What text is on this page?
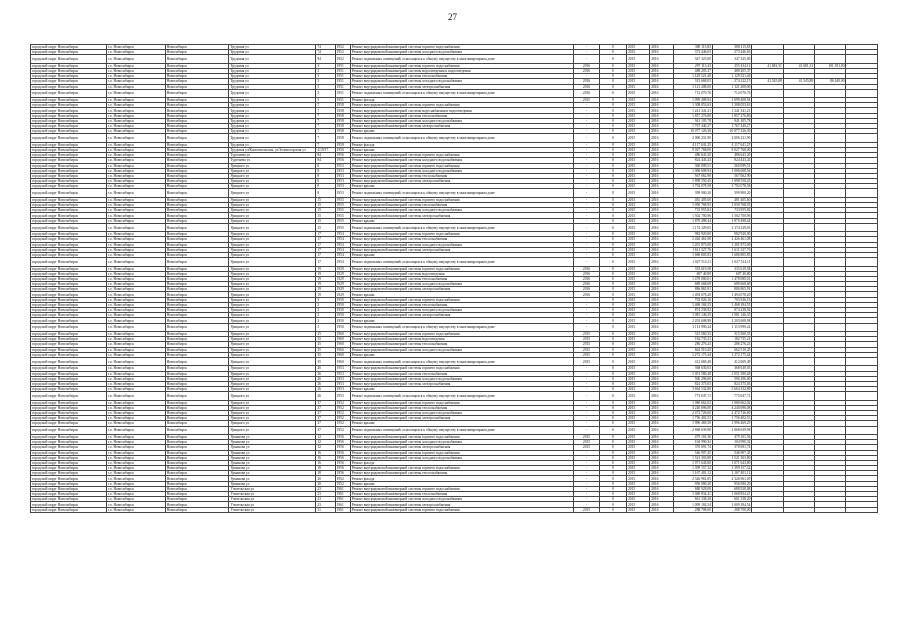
27
городской округ Новосибирск	г.о. Новосибирск	Новосибирск	Трудовая ул	74	1952	Ремонт внутридомовой инженерной системы горячего водоснабжения	-	0	2015	2016	380 115,83	380 115,83				
городской округ Новосибирск	г.о. Новосибирск	Новосибирск	Трудовая ул	74	1952	Ремонт внутридомовой инженерной системы холодного водоснабжения	-	0	2015	2016	373 446,63	373 446,63				
городской округ Новосибирск	г.о. Новосибирск	Новосибирск	Трудовая ул	94	1952	Ремонт подвальных помещений, относящихся к общему имуществу в многоквартирном доме	-	0	2015	2016	347 325,00	347 325,00				
городской округ Новосибирск	г.о. Новосибирск	Новосибирск	Трудовая ул	3	1951	Ремонт внутридомовой инженерной системы горячего водоснабжения	2016	0	2015	2016	297 115,43	255 434,12	41 681,31	41 681,31	101 181,00	
городской округ Новосибирск	г.о. Новосибирск	Новосибирск	Трудовая ул	3	1951	Ремонт внутридомовой инженерной системы водоотведения и водоотведения	2016	0	2015	2016	488 205,37	488 205,37				
городской округ Новосибирск	г.о. Новосибирск	Новосибирск	Трудовая ул	3	1951	Ремонт внутридомовой инженерной системы теплоснабжения	-	0	2015	2016	1 129 521,40	1 129 521,40				
городской округ Новосибирск	г.о. Новосибирск	Новосибирск	Трудовая ул	3	1951	Ремонт внутридомовой инженерной системы холодного водоснабжения	2016	0	2015	2016	315 668,03	274 122,15	41 545,88	41 545,88	86 440,00	
городской округ Новосибирск	г.о. Новосибирск	Новосибирск	Трудовая ул	3	1951	Ремонт внутридомовой инженерной системы электроснабжения	2016	0	2015	2016	1 121 208,00	1 121 208,00				
городской округ Новосибирск	г.о. Новосибирск	Новосибирск	Трудовая ул	5	1951	Ремонт подвальных помещений, относящихся к общему имуществу в многоквартирном доме	2016	0	2015	2016	712 070,76	712 070,76				
городской округ Новосибирск	г.о. Новосибирск	Новосибирск	Трудовая ул	5	1951	Ремонт фасада	2015	0	2015	2016	1 099 408,94	1 099 408,94				
городской округ Новосибирск	г.о. Новосибирск	Новосибирск	Трудовая ул	7	1958	Ремонт внутридомовой инженерной системы горячего водоснабжения	-	0	2015	2016	1 308 053,63	1 308 053,63				
городской округ Новосибирск	г.о. Новосибирск	Новосибирск	Трудовая ул	7	1958	Ремонт внутридомовой инженерной системы водоснабжения и водоотведения	-	0	2015	2016	1 241 341,21	1 241 341,21				
городской округ Новосибирск	г.о. Новосибирск	Новосибирск	Трудовая ул	7	1958	Ремонт внутридомовой инженерной системы теплоснабжения	-	0	2015	2016	1 857 276,80	1 857 276,80				
городской округ Новосибирск	г.о. Новосибирск	Новосибирск	Трудовая ул	7	1958	Ремонт внутридомовой инженерной системы холодного водоснабжения	-	0	2015	2016	941 105,78	941 105,78				
городской округ Новосибирск	г.о. Новосибирск	Новосибирск	Трудовая ул	7	1958	Ремонт внутридомовой инженерной системы электроснабжения	-	0	2015	2016	1 767 440,27	1 767 440,27				
городской округ Новосибирск	г.о. Новосибирск	Новосибирск	Трудовая ул	7	1958	Ремонт крыши	-	0	2015	2016	10 077 126,30	10 077 126,30				
городской округ Новосибирск	г.о. Новосибирск	Новосибирск	Трудовая ул	7	1958	Ремонт подвальных помещений, относящихся к общему имуществу в многоквартирном доме	-	0	2015	2016	2 006 231,90	2 006 231,90				
городской округ Новосибирск	г.о. Новосибирск	Новосибирск	Трудовая ул	7	1958	Ремонт фасада	-	0	2015	2016	4 117 641,25	4 117 641,25				
городской округ Новосибирск	г.о. Новосибирск	Новосибирск	Трудовая ул/Комсомольская, ул/Зеленогорская ул	4/19/17	1956	Ремонт крыши	-	0	2015	2016	9 027 768,00	9 027 768,00				
городской округ Новосибирск	г.о. Новосибирск	Новосибирск	Тургенева ул	84	1956	Ремонт внутридомовой инженерной системы горячего водоснабжения	-	0	2015	2016	486 643,20	486 643,20				
городской округ Новосибирск	г.о. Новосибирск	Новосибирск	Тургенева ул	84	1956	Ремонт внутридомовой инженерной системы холодного водоснабжения	-	0	2015	2016	824 443,43	824 443,43				
городской округ Новосибирск	г.о. Новосибирск	Новосибирск	Урицкого ул	8	1953	Ремонт внутридомовой инженерной системы горячего водоснабжения	-	0	2015	2016	360 099,51	360 099,51				
городской округ Новосибирск	г.о. Новосибирск	Новосибирск	Урицкого ул	8	1953	Ремонт внутридомовой инженерной системы холодного водоснабжения	-	0	2015	2016	1 006 608,94	1 006 608,94				
городской округ Новосибирск	г.о. Новосибирск	Новосибирск	Урицкого ул	8	1953	Ремонт внутридомовой инженерной системы теплоснабжения	-	0	2015	2016	567 062,90	567 062,90				
городской округ Новосибирск	г.о. Новосибирск	Новосибирск	Урицкого ул	8	1953	Ремонт внутридомовой инженерной системы электроснабжения	-	0	2015	2016	1 898 550,45	1 898 550,45				
городской округ Новосибирск	г.о. Новосибирск	Новосибирск	Урицкого ул	8	1953	Ремонт крыши	-	0	2015	2016	3 792 078,58	3 792 078,58				
городской округ Новосибирск	г.о. Новосибирск	Новосибирск	Урицкого ул	8	1953	Ремонт подвальных помещений, относящихся к общему имуществу в многоквартирном доме	-	0	2015	2016	399 900,20	399 900,20				
городской округ Новосибирск	г.о. Новосибирск	Новосибирск	Урицкого ул	15	1955	Ремонт внутридомовой инженерной системы горячего водоснабжения	-	0	2015	2016	481 405,60	481 405,60				
городской округ Новосибирск	г.о. Новосибирск	Новосибирск	Урицкого ул	15	1955	Ремонт внутридомовой инженерной системы теплоснабжения	-	0	2015	2016	1 050 768,93	1 050 768,93				
городской округ Новосибирск	г.о. Новосибирск	Новосибирск	Урицкого ул	15	1955	Ремонт внутридомовой инженерной системы холодного водоснабжения	-	0	2015	2016	733 955,82	733 955,82				
городской округ Новосибирск	г.о. Новосибирск	Новосибирск	Урицкого ул	15	1955	Ремонт внутридомовой инженерной системы электроснабжения	-	0	2015	2016	1 502 700,96	1 502 700,96				
городской округ Новосибирск	г.о. Новосибирск	Новосибирск	Урицкого ул	15	1955	Ремонт крыши	-	0	2015	2016	1 870 498,44	1 870 498,44				
городской округ Новосибирск	г.о. Новосибирск	Новосибирск	Урицкого ул	15	1955	Ремонт подвальных помещений, относящихся к общему имуществу в многоквартирном доме	-	0	2015	2016	1 174 329,03	1 174 329,03				
городской округ Новосибирск	г.о. Новосибирск	Новосибирск	Урицкого ул	17	1954	Ремонт внутридомовой инженерной системы горячего водоснабжения	-	0	2015	2016	982 920,00	982 920,00				
городской округ Новосибирск	г.о. Новосибирск	Новосибирск	Урицкого ул	17	1954	Ремонт внутридомовой инженерной системы теплоснабжения	-	0	2015	2016	2 426 461,08	2 426 461,08				
городской округ Новосибирск	г.о. Новосибирск	Новосибирск	Урицкого ул	17	1954	Ремонт внутридомовой инженерной системы холодного водоснабжения	-	0	2015	2016	1 201 873,00	1 201 873,00				
городской округ Новосибирск	г.о. Новосибирск	Новосибирск	Урицкого ул	17	1954	Ремонт внутридомовой инженерной системы электроснабжения	-	0	2015	2016	1 611 527,76	1 611 527,76				
городской округ Новосибирск	г.о. Новосибирск	Новосибирск	Урицкого ул	17	1954	Ремонт крыши	-	0	2015	2016	1 686 805,83	1 686 805,83				
городской округ Новосибирск	г.о. Новосибирск	Новосибирск	Урицкого ул	17	1954	Ремонт подвальных помещений, относящихся к общему имуществу в многоквартирном доме	-	0	2015	2016	1 027 514,11	1 027 514,11				
городской округ Новосибирск	г.о. Новосибирск	Новосибирск	Урицкого ул	19	1929	Ремонт внутридомовой инженерной системы горячего водоснабжения	2016	0	2015	2016	335 619,58	335 619,58				
городской округ Новосибирск	г.о. Новосибирск	Новосибирск	Урицкого ул	19	1929	Ремонт внутридомовой инженерной системы водоотведения	2016	0	2015	2016	607 40,80	607 40,80				
городской округ Новосибирск	г.о. Новосибирск	Новосибирск	Урицкого ул	19	1929	Ремонт внутридомовой инженерной системы теплоснабжения	2016	0	2015	2016	1 478 080,01	1 478 080,01				
городской округ Новосибирск	г.о. Новосибирск	Новосибирск	Урицкого ул	19	1929	Ремонт внутридомовой инженерной системы холодного водоснабжения	2016	0	2015	2016	689 668,69	689 668,69				
городской округ Новосибирск	г.о. Новосибирск	Новосибирск	Урицкого ул	19	1929	Ремонт внутридомовой инженерной системы электроснабжения	2016	0	2015	2016	886 865,91	886 865,91				
городской округ Новосибирск	г.о. Новосибирск	Новосибирск	Урицкого ул	19	1929	Ремонт крыши	2016	0	2015	2016	1 494 078,20	1 494 078,20				
городской округ Новосибирск	г.о. Новосибирск	Новосибирск	Урицкого ул	3	1950	Ремонт внутридомовой инженерной системы горячего водоснабжения	-	0	2015	2016	703 926,16	703 926,16				
городской округ Новосибирск	г.о. Новосибирск	Новосибирск	Урицкого ул	3	1950	Ремонт внутридомовой инженерной системы теплоснабжения	-	0	2015	2016	1 468 184,55	1 468 184,55				
городской округ Новосибирск	г.о. Новосибирск	Новосибирск	Урицкого ул	3	1950	Ремонт внутридомовой инженерной системы холодного водоснабжения	-	0	2015	2016	874 238,92	874 238,92				
городской округ Новосибирск	г.о. Новосибирск	Новосибирск	Урицкого ул	3	1950	Ремонт внутридомовой инженерной системы электроснабжения	-	0	2015	2016	1 081 146,35	1 081 146,35				
городской округ Новосибирск	г.о. Новосибирск	Новосибирск	Урицкого ул	3	1950	Ремонт крыши	-	0	2015	2016	2 203 608,98	2 203 608,98				
городской округ Новосибирск	г.о. Новосибирск	Новосибирск	Урицкого ул	3	1950	Ремонт подвальных помещений, относящихся к общему имуществу в многоквартирном доме	-	0	2015	2016	1 113 990,24	1 113 990,24				
городской округ Новосибирск	г.о. Новосибирск	Новосибирск	Урицкого ул	35	1960	Ремонт внутридомовой инженерной системы горячего водоснабжения	2015	0	2015	2016	315 560,33	315 560,33				
городской округ Новосибирск	г.о. Новосибирск	Новосибирск	Урицкого ул	35	1960	Ремонт внутридомовой инженерной системы водоотведения	2015	0	2015	2016	182 735,21	182 735,21				
городской округ Новосибирск	г.о. Новосибирск	Новосибирск	Урицкого ул	35	1960	Ремонт внутридомовой инженерной системы теплоснабжения	2015	0	2015	2016	286 276,23	286 276,23				
городской округ Новосибирск	г.о. Новосибирск	Новосибирск	Урицкого ул	35	1960	Ремонт внутридомовой инженерной системы холодного водоснабжения	2015	0	2015	2016	662 510,45	662 510,45				
городской округ Новосибирск	г.о. Новосибирск	Новосибирск	Урицкого ул	35	1960	Ремонт крыши	2015	0	2015	2016	1 272 175,44	1 272 175,44				
городской округ Новосибирск	г.о. Новосибирск	Новосибирск	Урицкого ул	35	1960	Ремонт подвальных помещений, относящихся к общему имуществу в многоквартирном доме	2015	0	2015	2016	412 069,49	412 069,49				
городской округ Новосибирск	г.о. Новосибирск	Новосибирск	Урицкого ул	26	1953	Ремонт внутридомовой инженерной системы горячего водоснабжения	-	0	2015	2016	368 630,03	368 630,03				
городской округ Новосибирск	г.о. Новосибирск	Новосибирск	Урицкого ул	26	1953	Ремонт внутридомовой инженерной системы теплоснабжения	-	0	2015	2016	1 051 580,48	1 051 580,48				
городской округ Новосибирск	г.о. Новосибирск	Новосибирск	Урицкого ул	26	1953	Ремонт внутридомовой инженерной системы холодного водоснабжения	-	0	2015	2016	506 296,00	506 296,00				
городской округ Новосибирск	г.о. Новосибирск	Новосибирск	Урицкого ул	26	1953	Ремонт внутридомовой инженерной системы электроснабжения	-	0	2015	2016	824 375,03	824 375,03				
городской округ Новосибирск	г.о. Новосибирск	Новосибирск	Урицкого ул	26	1953	Ремонт крыши	-	0	2015	2016	3 664 332,80	3 664 332,80				
городской округ Новосибирск	г.о. Новосибирск	Новосибирск	Урицкого ул	26	1953	Ремонт подвальных помещений, относящихся к общему имуществу в многоквартирном доме	-	0	2015	2016	773 047,71	773 047,71				
городской округ Новосибирск	г.о. Новосибирск	Новосибирск	Урицкого ул	37	1952	Ремонт внутридомовой инженерной системы горячего водоснабжения	-	0	2015	2016	1 080 662,02	1 080 662,02				
городской округ Новосибирск	г.о. Новосибирск	Новосибирск	Урицкого ул	37	1952	Ремонт внутридомовой инженерной системы теплоснабжения	-	0	2015	2016	4 240 696,08	4 240 696,08				
городской округ Новосибирск	г.о. Новосибирск	Новосибирск	Урицкого ул	37	1952	Ремонт внутридомовой инженерной системы холодного водоснабжения	-	0	2015	2016	2 472 726,60	2 472 726,60				
городской округ Новосибирск	г.о. Новосибирск	Новосибирск	Урицкого ул	37	1952	Ремонт внутридомовой инженерной системы электроснабжения	-	0	2015	2016	1 756 402,53	1 756 402,53				
городской округ Новосибирск	г.о. Новосибирск	Новосибирск	Урицкого ул	37	1952	Ремонт крыши	-	0	2015	2016	1 996 469,29	1 996 469,29				
городской округ Новосибирск	г.о. Новосибирск	Новосибирск	Урицкого ул	37	1952	Ремонт подвальных помещений, относящихся к общему имуществу в многоквартирном доме	-	0	2015	2016	2 868 639,98	2 868 639,98				
городской округ Новосибирск	г.о. Новосибирск	Новосибирск	Урманова ул	12	1956	Ремонт внутридомовой инженерной системы горячего водоснабжения	2015	0	2015	2016	479 101,56	479 101,56				
городской округ Новосибирск	г.о. Новосибирск	Новосибирск	Урманова ул	12	1956	Ремонт внутридомовой инженерной системы холодного водоснабжения	2015	0	2015	2016	104 990,32	104 990,32				
городской округ Новосибирск	г.о. Новосибирск	Новосибирск	Урманова ул	12	1956	Ремонт внутридомовой инженерной системы электроснабжения	2015	0	2015	2016	370 691,74	370 691,74				
городской округ Новосибирск	г.о. Новосибирск	Новосибирск	Урманова ул	16	1956	Ремонт внутридомовой инженерной системы горячего водоснабжения	-	0	2015	2016	546 907,45	546 907,45				
городской округ Новосибирск	г.о. Новосибирск	Новосибирск	Урманова ул	16	1956	Ремонт внутридомовой инженерной системы холодного водоснабжения	-	0	2015	2016	1 521 303,80	1 521 303,80				
городской округ Новосибирск	г.о. Новосибирск	Новосибирск	Урманова ул	16	1956	Ремонт фасада	-	0	2015	2016	1 071 643,80	1 071 643,80				
городской округ Новосибирск	г.о. Новосибирск	Новосибирск	Урманова ул	18	1956	Ремонт внутридомовой инженерной системы горячего водоснабжения	-	0	2015	2016	1 399 157,32	1 399 157,32				
городской округ Новосибирск	г.о. Новосибирск	Новосибирск	Урманова ул	18	1956	Ремонт внутридомовой инженерной системы теплоснабжения	-	0	2015	2016	1 167 401,12	1 167 401,12				
городской округ Новосибирск	г.о. Новосибирск	Новосибирск	Урманова ул	20	1952	Ремонт фасада	-	0	2015	2016	2 326 961,05	2 326 961,05				
городской округ Новосибирск	г.о. Новосибирск	Новосибирск	Урманова ул	20	1952	Ремонт крыши	-	0	2015	2016	956 080,20	956 080,20				
городской округ Новосибирск	г.о. Новосибирск	Новосибирск	Учительская ул	23	1961	Ремонт внутридомовой инженерной системы горячего водоснабжения	-	0	2015	2016	688 928,08	688 928,08				
городской округ Новосибирск	г.о. Новосибирск	Новосибирск	Учительская ул	23	1961	Ремонт внутридомовой инженерной системы теплоснабжения	-	0	2015	2016	1 068 834,41	1 068 834,41				
городской округ Новосибирск	г.о. Новосибирск	Новосибирск	Учительская ул	23	1961	Ремонт внутридомовой инженерной системы холодного водоснабжения	-	0	2015	2016	661 338,20	661 338,20				
городской округ Новосибирск	г.о. Новосибирск	Новосибирск	Учительская ул	23	1961	Ремонт внутридомовой инженерной системы электроснабжения	-	0	2015	2016	1 009 184,54	1 009 184,54				
городской округ Новосибирск	г.о. Новосибирск	Новосибирск	Учительская ул	31	1961	Ремонт внутридомовой инженерной системы горячего водоснабжения	2015	0	2015	2016	288 708,00	288 708,00				
